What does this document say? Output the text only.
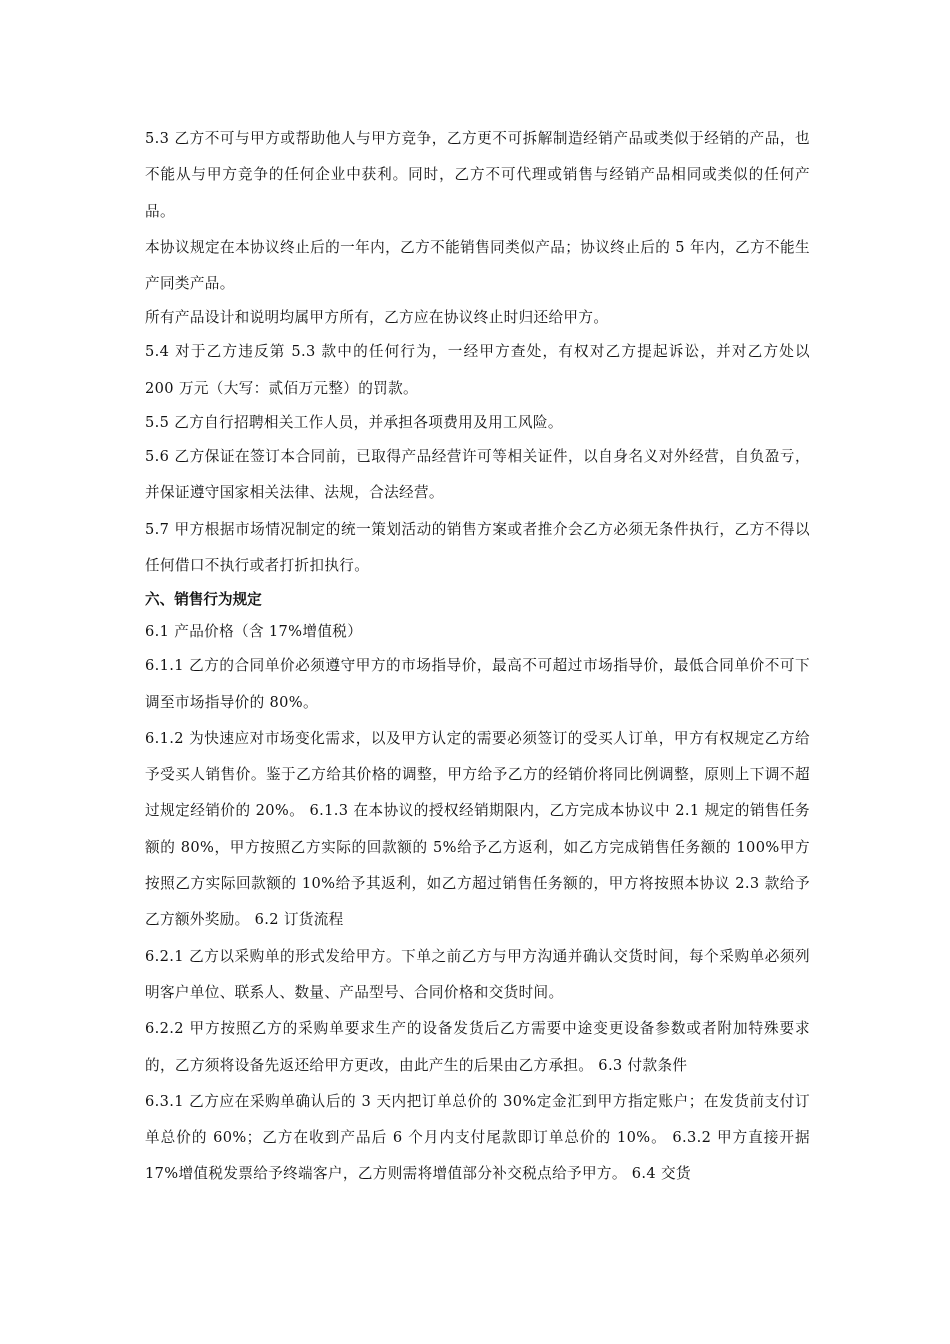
5.3 乙方不可与甲方或帮助他人与甲方竞争，乙方更不可拆解制造经销产品或类似于经销的产品，也不能从与甲方竞争的任何企业中获利。同时，乙方不可代理或销售与经销产品相同或类似的任何产品。

本协议规定在本协议终止后的一年内，乙方不能销售同类似产品；协议终止后的 5 年内，乙方不能生产同类产品。

所有产品设计和说明均属甲方所有，乙方应在协议终止时归还给甲方。

5.4 对于乙方违反第 5.3 款中的任何行为，一经甲方查处，有权对乙方提起诉讼，并对乙方处以 200 万元（大写：贰佰万元整）的罚款。

5.5 乙方自行招聘相关工作人员，并承担各项费用及用工风险。

5.6 乙方保证在签订本合同前，已取得产品经营许可等相关证件，以自身名义对外经营，自负盈亏，并保证遵守国家相关法律、法规，合法经营。

5.7 甲方根据市场情况制定的统一策划活动的销售方案或者推介会乙方必须无条件执行，乙方不得以任何借口不执行或者打折扣执行。

六、销售行为规定

6.1 产品价格（含 17%增值税）

6.1.1 乙方的合同单价必须遵守甲方的市场指导价，最高不可超过市场指导价，最低合同单价不可下调至市场指导价的 80%。

6.1.2 为快速应对市场变化需求，以及甲方认定的需要必须签订的受买人订单，甲方有权规定乙方给予受买人销售价。鉴于乙方给其价格的调整，甲方给予乙方的经销价将同比例调整，原则上下调不超过规定经销价的 20%。 6.1.3 在本协议的授权经销期限内，乙方完成本协议中 2.1 规定的销售任务额的 80%，甲方按照乙方实际的回款额的 5%给予乙方返利，如乙方完成销售任务额的 100%甲方按照乙方实际回款额的 10%给予其返利，如乙方超过销售任务额的，甲方将按照本协议 2.3 款给予乙方额外奖励。 6.2 订货流程

6.2.1 乙方以采购单的形式发给甲方。下单之前乙方与甲方沟通并确认交货时间，每个采购单必须列明客户单位、联系人、数量、产品型号、合同价格和交货时间。

6.2.2 甲方按照乙方的采购单要求生产的设备发货后乙方需要中途变更设备参数或者附加特殊要求的，乙方须将设备先返还给甲方更改，由此产生的后果由乙方承担。 6.3 付款条件

6.3.1 乙方应在采购单确认后的 3 天内把订单总价的 30%定金汇到甲方指定账户；在发货前支付订单总价的 60%；乙方在收到产品后 6 个月内支付尾款即订单总价的 10%。 6.3.2 甲方直接开据 17%增值税发票给予终端客户，乙方则需将增值部分补交税点给予甲方。 6.4 交货
